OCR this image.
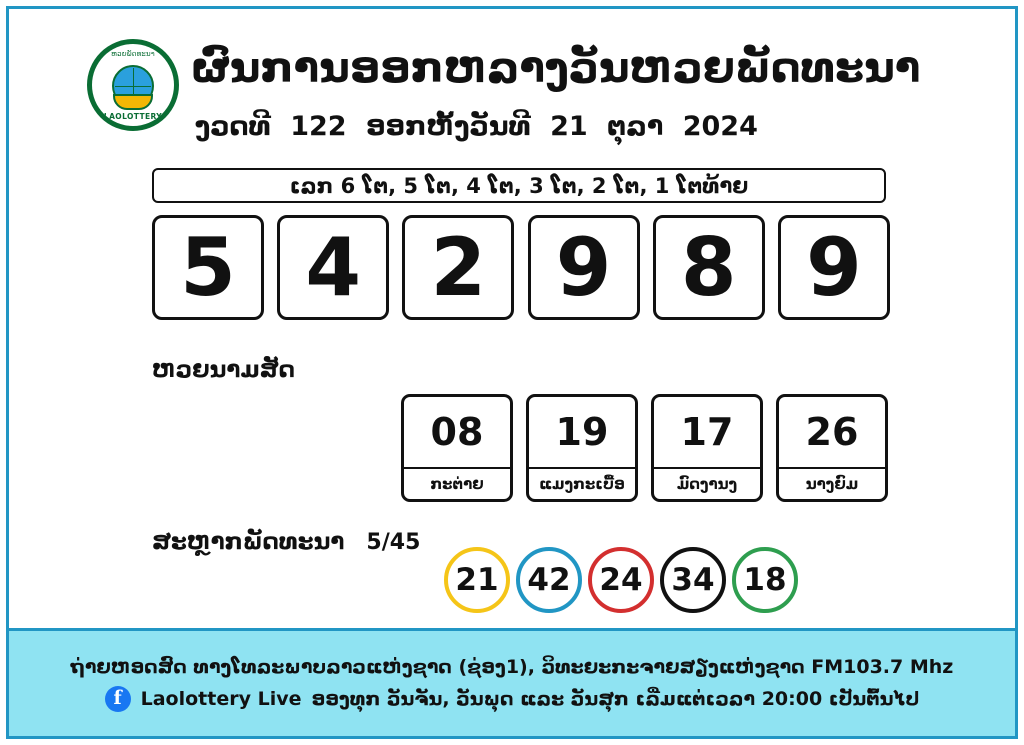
ຫວຍພັດທະນາ
LAOLOTTERY
ຜົນການອອກຫລາງວັນຫວຍພັດທະນາ
ງວດທີ 122 ອອກຫັ້ງວັນທີ 21 ຕຸລາ 2024
ເລກ 6 ໂຕ, 5 ໂຕ, 4 ໂຕ, 3 ໂຕ, 2 ໂຕ, 1 ໂຕທ້າຍ
5 4 2 9 8 9
ຫວຍນາມສັດ
08
ກະຕ່າຍ
19
ແມງກະເບື້ອ
17
ມົດງານງ
26
ນາງຍົມ
ສະຫຼາກພັດທະນາ 5/45
21 42 24 34 18
ຖ່າຍຫອດສົດ ທາງໂທລະພາບລາວແຫ່ງຊາດ (ຊ່ອງ1), ວິທະຍະກະຈາຍສຽງແຫ່ງຊາດ FM103.7 Mhz
f Laolottery Live ອອງທຸກ ວັນຈັນ, ວັນພຸດ ແລະ ວັນສຸກ ເລີ່ມແຕ່ເວລາ 20:00 ເປັນຕົ້ນໄປ
